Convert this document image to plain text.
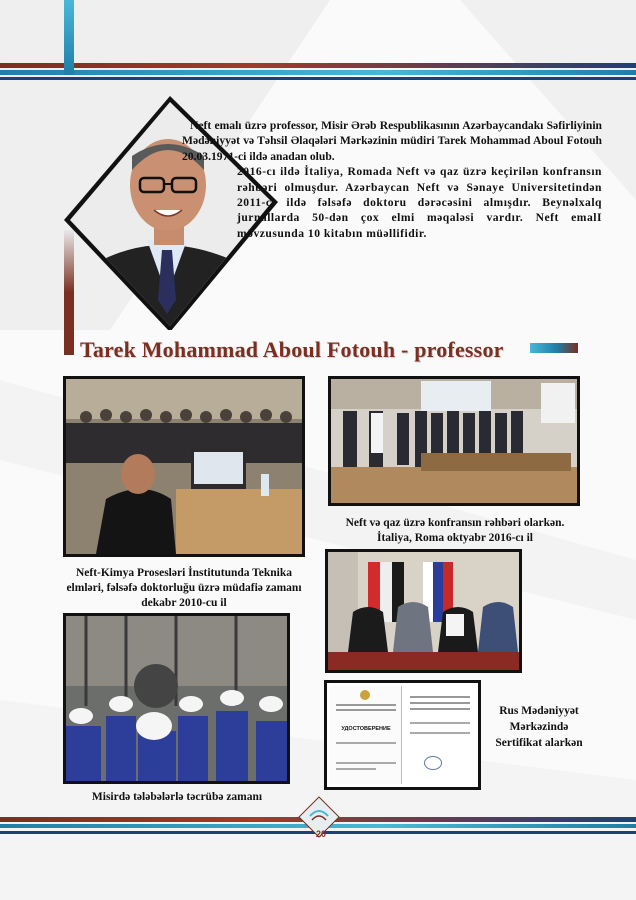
Neft emalı üzrə professor, Misir Ərəb Respublikasının Azərbaycandakı Səfirliyinin Mədəniyyət və Təhsil Əlaqələri Mərkəzinin müdiri Tarek Mohammad Aboul Fotouh 20.03.1971-ci ildə anadan olub.

2016-cı ildə İtaliya, Romada Neft və qaz üzrə keçirilən konfransın rəhbəri olmuşdur. Azərbaycan Neft və Sənaye Universitetindən 2011-ci ildə fəlsəfə doktoru dərəcəsini almışdır. Beynəlxalq jurnallarda 50-dən çox elmi məqaləsi vardır. Neft emalI mövzusunda 10 kitabın müəllifidir.

Tarek Mohammad Aboul Fotouh - professor
Neft və qaz üzrə konfransın rəhbəri olarkən. İtaliya, Roma oktyabr 2016-cı il
Neft-Kimya Prosesləri İnstitutunda Teknika elmləri, fəlsəfə doktorluğu üzrə müdafiə zamanı dekabr 2010-cu il
УДОСТОВЕРЕНИЕ
Misirdə tələbələrlə təcrübə zamanı
Rus Mədəniyyət Mərkəzində Sertifikat alarkən
20
